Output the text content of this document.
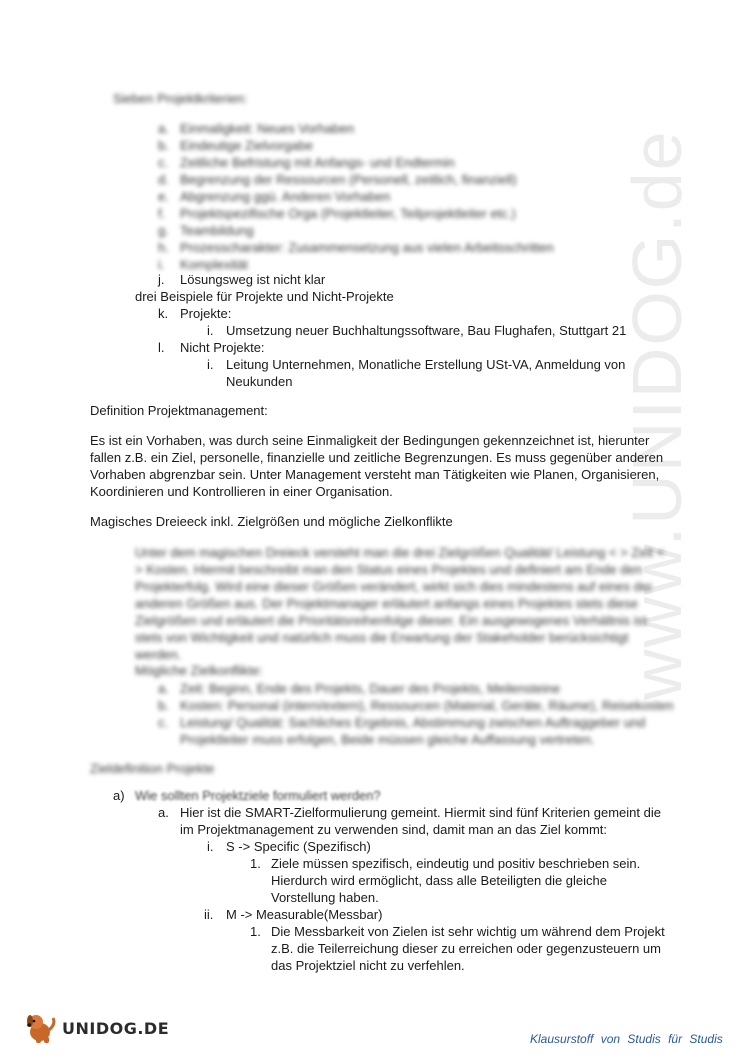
www.UNIDOG.de
Sieben Projektkriterien:
a. Einmaligkeit: Neues Vorhaben
b. Eindeutige Zielvorgabe
c. Zeitliche Befristung mit Anfangs- und Endtermin
d. Begrenzung der Ressourcen (Personell, zeitlich, finanziell)
e. Abgrenzung ggü. Anderen Vorhaben
f. Projektspezifische Orga (Projektleiter, Teilprojektleiter etc.)
g. Teambildung
h. Prozesscharakter: Zusammensetzung aus vielen Arbeitsschritten
i. Komplexität
j. Lösungsweg ist nicht klar
drei Beispiele für Projekte und Nicht-Projekte
k. Projekte:
i. Umsetzung neuer Buchhaltungssoftware, Bau Flughafen, Stuttgart 21
l. Nicht Projekte:
i. Leitung Unternehmen, Monatliche Erstellung USt-VA, Anmeldung von
Neukunden
Definition Projektmanagement:
Es ist ein Vorhaben, was durch seine Einmaligkeit der Bedingungen gekennzeichnet ist, hierunter
fallen z.B. ein Ziel, personelle, finanzielle und zeitliche Begrenzungen. Es muss gegenüber anderen
Vorhaben abgrenzbar sein. Unter Management versteht man Tätigkeiten wie Planen, Organisieren,
Koordinieren und Kontrollieren in einer Organisation.
Magisches Dreieeck inkl. Zielgrößen und mögliche Zielkonflikte
Unter dem magischen Dreieck versteht man die drei Zielgrößen Qualität/ Leistung < > Zeit <
> Kosten. Hiermit beschreibt man den Status eines Projektes und definiert am Ende den
Projekterfolg. Wird eine dieser Größen verändert, wirkt sich dies mindestens auf eines der
anderen Größen aus. Der Projektmanager erläutert anfangs eines Projektes stets diese
Zielgrößen und erläutert die Prioritätsreihenfolge dieser. Ein ausgewogenes Verhältnis ist
stets von Wichtigkeit und natürlich muss die Erwartung der Stakeholder berücksichtigt
werden.
Mögliche Zielkonflikte:
a. Zeit: Beginn, Ende des Projekts, Dauer des Projekts, Meilensteine
b. Kosten: Personal (intern/extern), Ressourcen (Material, Geräte, Räume), Reisekosten
c. Leistung/ Qualität: Sachliches Ergebnis, Abstimmung zwischen Auftraggeber und
Projektleiter muss erfolgen, Beide müssen gleiche Auffassung vertreten.
Zieldefinition Projekte
a) Wie sollten Projektziele formuliert werden?
a. Hier ist die SMART-Zielformulierung gemeint. Hiermit sind fünf Kriterien gemeint die
im Projektmanagement zu verwenden sind, damit man an das Ziel kommt:
i. S -> Specific (Spezifisch)
1. Ziele müssen spezifisch, eindeutig und positiv beschrieben sein.
Hierdurch wird ermöglicht, dass alle Beteiligten die gleiche
Vorstellung haben.
ii. M -> Measurable(Messbar)
1. Die Messbarkeit von Zielen ist sehr wichtig um während dem Projekt
z.B. die Teilerreichung dieser zu erreichen oder gegenzusteuern um
das Projektziel nicht zu verfehlen.
UNIDOG.DE
Klausurstoff von Studis für Studis
